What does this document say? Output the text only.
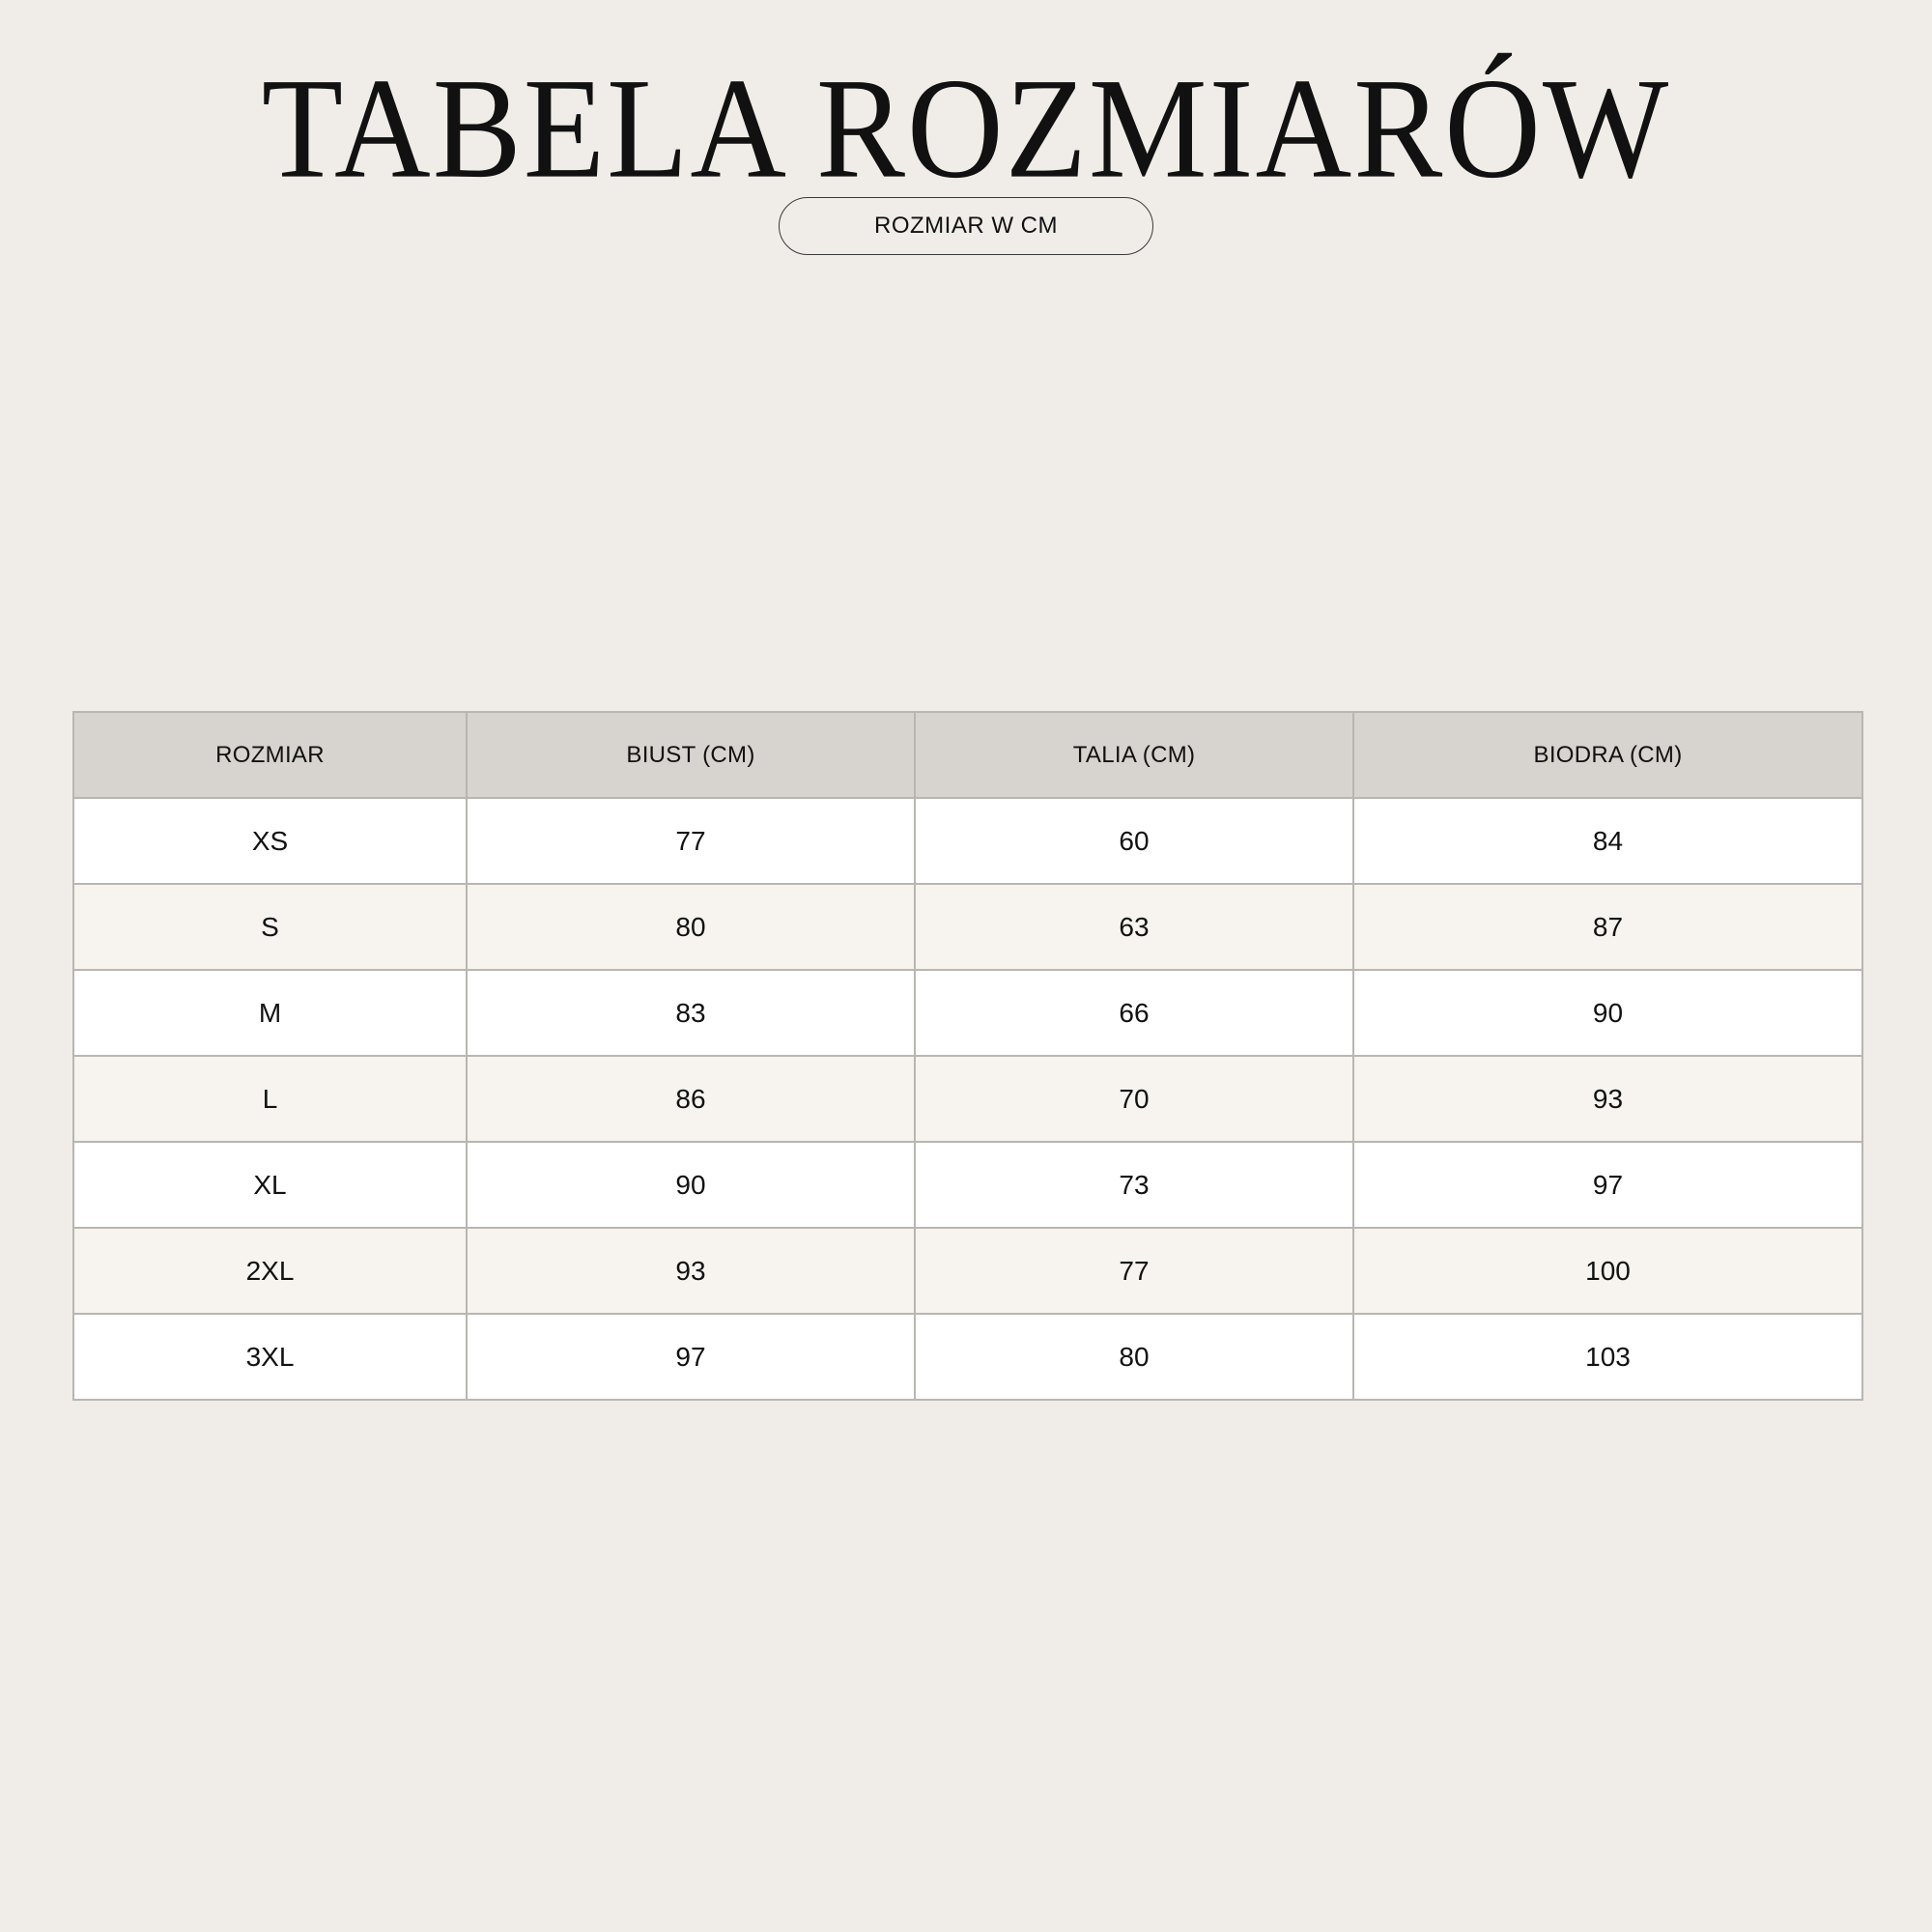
TABELA ROZMIARÓW
ROZMIAR W CM
ROZMIAR	BIUST (CM)	TALIA (CM)	BIODRA (CM)
XS	77	60	84
S	80	63	87
M	83	66	90
L	86	70	93
XL	90	73	97
2XL	93	77	100
3XL	97	80	103
